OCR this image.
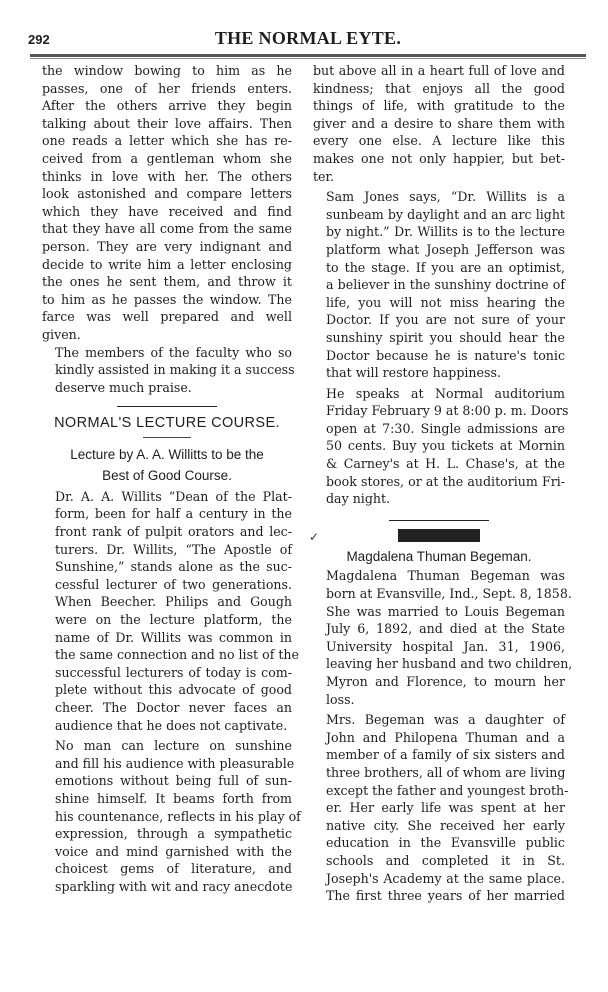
292	THE NORMAL EYTE.

the window bowing to him as he
passes, one of her friends enters.
After the others arrive they begin
talking about their love affairs. Then
one reads a letter which she has re-
ceived from a gentleman whom she
thinks in love with her. The others
look astonished and compare letters
which they have received and find
that they have all come from the same
person. They are very indignant and
decide to write him a letter enclosing
the ones he sent them, and throw it
to him as he passes the window. The
farce was well prepared and well
given.

The members of the faculty who so
kindly assisted in making it a success
deserve much praise.

NORMAL'S LECTURE COURSE.
Lecture by A. A. Willitts to be the
Best of Good Course.

Dr. A. A. Willits “Dean of the Plat-
form, been for half a century in the
front rank of pulpit orators and lec-
turers. Dr. Willits, “The Apostle of
Sunshine,” stands alone as the suc-
cessful lecturer of two generations.
When Beecher. Philips and Gough
were on the lecture platform, the
name of Dr. Willits was common in
the same connection and no list of the
successful lecturers of today is com-
plete without this advocate of good
cheer. The Doctor never faces an
audience that he does not captivate.

No man can lecture on sunshine
and fill his audience with pleasurable
emotions without being full of sun-
shine himself. It beams forth from
his countenance, reflects in his play of
expression, through a sympathetic
voice and mind garnished with the
choicest gems of literature, and
sparkling with wit and racy anecdote

but above all in a heart full of love and
kindness; that enjoys all the good
things of life, with gratitude to the
giver and a desire to share them with
every one else. A lecture like this
makes one not only happier, but bet-
ter.

Sam Jones says, “Dr. Willits is a
sunbeam by daylight and an arc light
by night.” Dr. Willits is to the lecture
platform what Joseph Jefferson was
to the stage. If you are an optimist,
a believer in the sunshiny doctrine of
life, you will not miss hearing the
Doctor. If you are not sure of your
sunshiny spirit you should hear the
Doctor because he is nature's tonic
that will restore happiness.

He speaks at Normal auditorium
Friday February 9 at 8:00 p. m. Doors
open at 7:30. Single admissions are
50 cents. Buy you tickets at Mornin
& Carney's at H. L. Chase's, at the
book stores, or at the auditorium Fri-
day night.

✓
Magdalena Thuman Begeman.

Magdalena Thuman Begeman was
born at Evansville, Ind., Sept. 8, 1858.
She was married to Louis Begeman
July 6, 1892, and died at the State
University hospital Jan. 31, 1906,
leaving her husband and two children,
Myron and Florence, to mourn her
loss.

Mrs. Begeman was a daughter of
John and Philopena Thuman and a
member of a family of six sisters and
three brothers, all of whom are living
except the father and youngest broth-
er. Her early life was spent at her
native city. She received her early
education in the Evansville public
schools and completed it in St.
Joseph's Academy at the same place.
The first three years of her married
